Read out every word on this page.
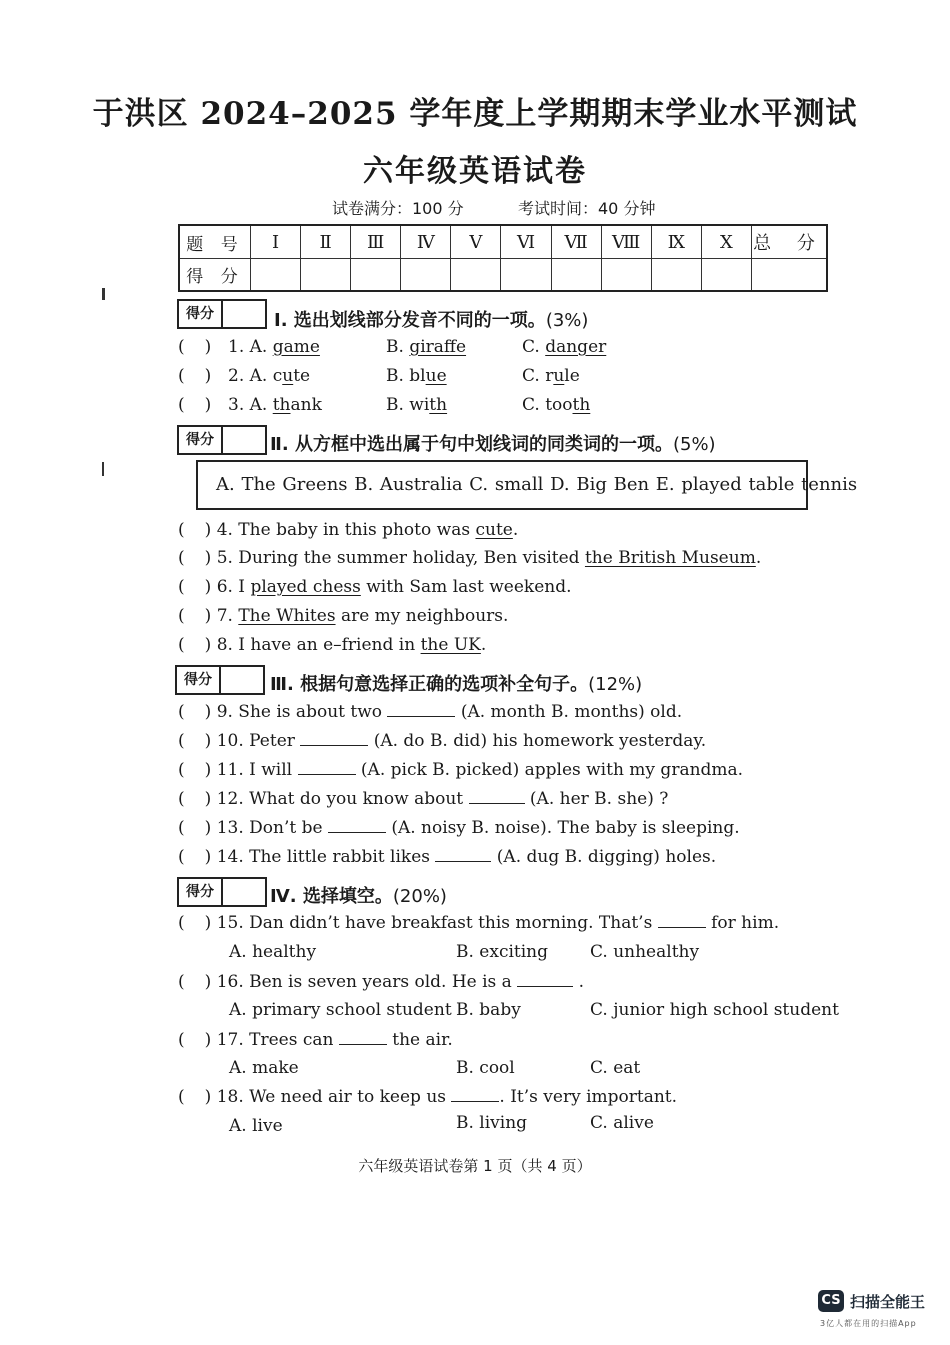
于洪区 2024–2025 学年度上学期期末学业水平测试
六年级英语试卷
试卷满分：100 分	考试时间：40 分钟
题 号	Ⅰ	Ⅱ	Ⅲ	Ⅳ	Ⅴ	Ⅵ	Ⅶ	Ⅷ	Ⅸ	Ⅹ	总 分
得 分											
得分	Ⅰ. 选出划线部分发音不同的一项。(3%)
( ) 1. A. game	B. giraffe	C. danger
( ) 2. A. cute	B. blue	C. rule
( ) 3. A. thank	B. with	C. tooth
得分	Ⅱ. 从方框中选出属于句中划线词的同类词的一项。(5%)
A. The Greens B. Australia C. small D. Big Ben E. played table tennis
( ) 4. The baby in this photo was cute.
( ) 5. During the summer holiday, Ben visited the British Museum.
( ) 6. I played chess with Sam last weekend.
( ) 7. The Whites are my neighbours.
( ) 8. I have an e–friend in the UK.
得分	Ⅲ. 根据句意选择正确的选项补全句子。(12%)
( ) 9. She is about two	(A. month B. months) old.
( ) 10. Peter	(A. do B. did) his homework yesterday.
( ) 11. I will	(A. pick B. picked) apples with my grandma.
( ) 12. What do you know about	(A. her B. she) ?
( ) 13. Don’t be	(A. noisy B. noise). The baby is sleeping.
( ) 14. The little rabbit likes	(A. dug B. digging) holes.
得分	Ⅳ. 选择填空。(20%)
( ) 15. Dan didn’t have breakfast this morning. That’s	for him.
A. healthy	B. exciting C. unhealthy
( ) 16. Ben is seven years old. He is a	.
A. primary school student B. baby	C. junior high school student
( ) 17. Trees can	the air.
A. make	B. cool	C. eat
( ) 18. We need air to keep us	. It’s very important.
A. live	B. living	C. alive
六年级英语试卷第 1 页（共 4 页）
CS 扫描全能王
3亿人都在用的扫描App
